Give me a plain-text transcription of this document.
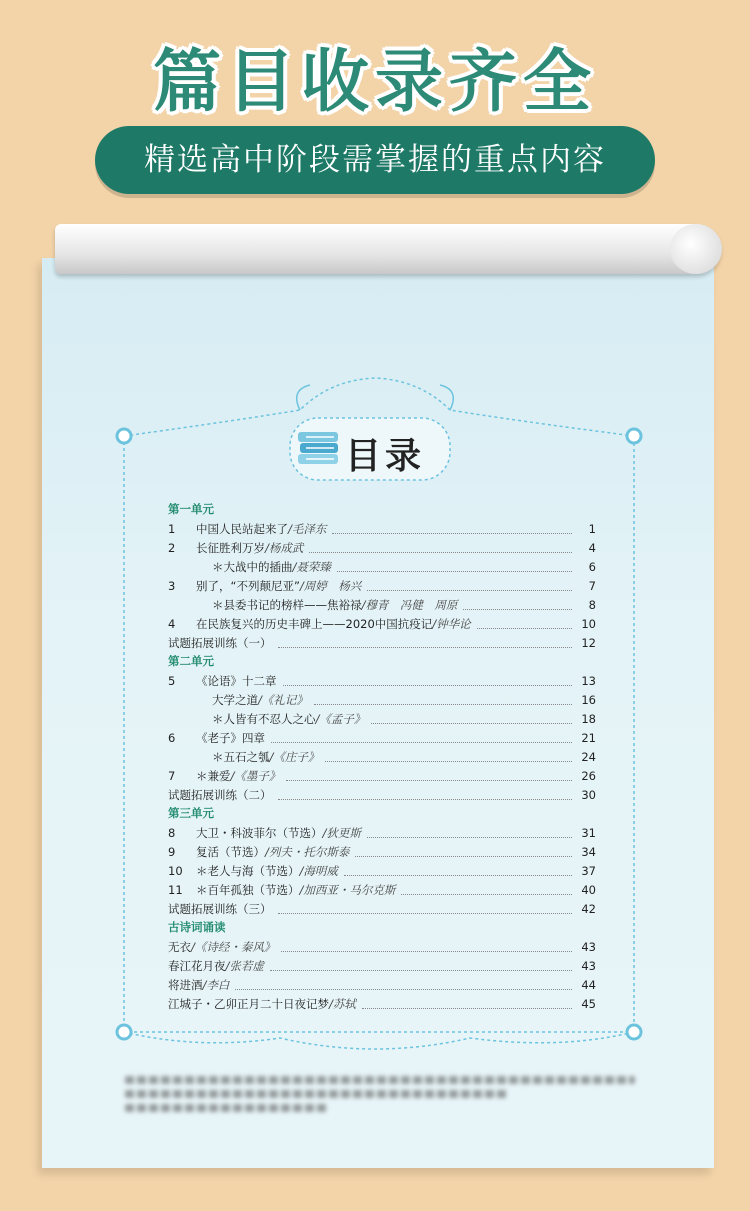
篇目收录齐全
精选高中阶段需掌握的重点内容
目录
第一单元
1	中国人民站起来了 /毛泽东	1
2	长征胜利万岁 /杨成武	4
＊大战中的插曲 /聂荣臻	6
3	别了，“不列颠尼亚” /周婷　杨兴	7
＊县委书记的榜样——焦裕禄 /穆青　冯健　周原	8
4	在民族复兴的历史丰碑上——2020中国抗疫记 /钟华论	10
试题拓展训练（一）	12
第二单元
5	《论语》十二章	13
大学之道 /《礼记》	16
＊人皆有不忍人之心 /《孟子》	18
6	《老子》四章	21
＊五石之瓠 /《庄子》	24
7	＊兼爱 /《墨子》	26
试题拓展训练（二）	30
第三单元
8	大卫・科波菲尔（节选） /狄更斯	31
9	复活（节选） /列夫・托尔斯泰	34
10	＊老人与海（节选） /海明威	37
11	＊百年孤独（节选） /加西亚・马尔克斯	40
试题拓展训练（三）	42
古诗词诵读
无衣 /《诗经・秦风》	43
春江花月夜 /张若虚	43
将进酒 /李白	44
江城子・乙卯正月二十日夜记梦 /苏轼	45
